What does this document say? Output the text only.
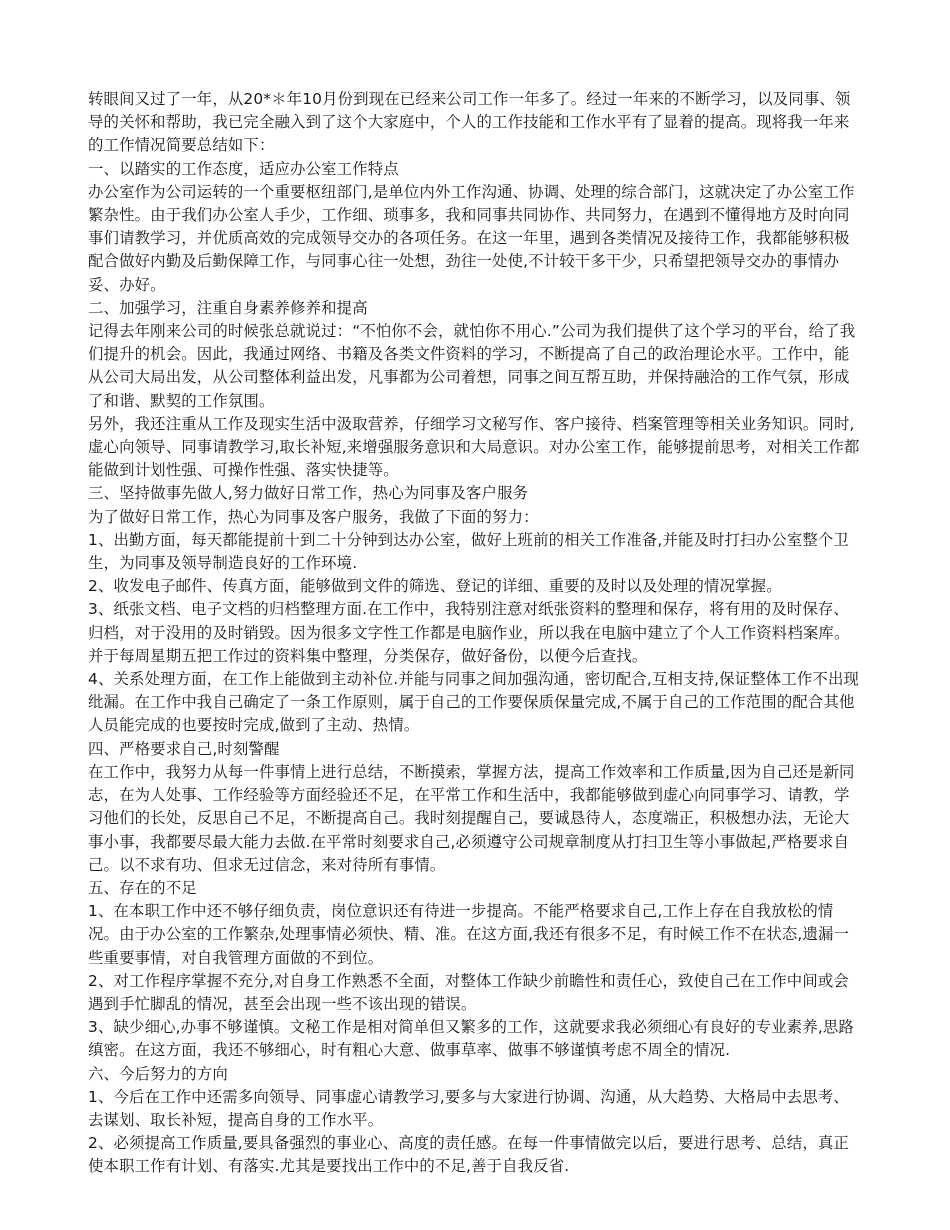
转眼间又过了一年，从20*＊年10月份到现在已经来公司工作一年多了。经过一年来的不断学习，以及同事、领导的关怀和帮助，我已完全融入到了这个大家庭中，个人的工作技能和工作水平有了显着的提高。现将我一年来的工作情况简要总结如下：

一、以踏实的工作态度，适应办公室工作特点

办公室作为公司运转的一个重要枢纽部门,是单位内外工作沟通、协调、处理的综合部门，这就决定了办公室工作繁杂性。由于我们办公室人手少，工作细、琐事多，我和同事共同协作、共同努力，在遇到不懂得地方及时向同事们请教学习，并优质高效的完成领导交办的各项任务。在这一年里，遇到各类情况及接待工作，我都能够积极配合做好内勤及后勤保障工作，与同事心往一处想，劲往一处使,不计较干多干少，只希望把领导交办的事情办妥、办好。

二、加强学习，注重自身素养修养和提高

记得去年刚来公司的时候张总就说过：“不怕你不会，就怕你不用心.”公司为我们提供了这个学习的平台，给了我们提升的机会。因此，我通过网络、书籍及各类文件资料的学习，不断提高了自己的政治理论水平。工作中，能从公司大局出发，从公司整体利益出发，凡事都为公司着想，同事之间互帮互助，并保持融洽的工作气氛，形成了和谐、默契的工作氛围。

另外，我还注重从工作及现实生活中汲取营养，仔细学习文秘写作、客户接待、档案管理等相关业务知识。同时,虚心向领导、同事请教学习,取长补短,来增强服务意识和大局意识。对办公室工作，能够提前思考，对相关工作都能做到计划性强、可操作性强、落实快捷等。

三、坚持做事先做人,努力做好日常工作，热心为同事及客户服务

为了做好日常工作，热心为同事及客户服务，我做了下面的努力：

1、出勤方面，每天都能提前十到二十分钟到达办公室，做好上班前的相关工作准备,并能及时打扫办公室整个卫生，为同事及领导制造良好的工作环境.

2、收发电子邮件、传真方面，能够做到文件的筛选、登记的详细、重要的及时以及处理的情况掌握。

3、纸张文档、电子文档的归档整理方面.在工作中，我特别注意对纸张资料的整理和保存，将有用的及时保存、归档，对于没用的及时销毁。因为很多文字性工作都是电脑作业，所以我在电脑中建立了个人工作资料档案库。并于每周星期五把工作过的资料集中整理，分类保存，做好备份，以便今后查找。

4、关系处理方面，在工作上能做到主动补位.并能与同事之间加强沟通，密切配合,互相支持,保证整体工作不出现纰漏。在工作中我自己确定了一条工作原则，属于自己的工作要保质保量完成,不属于自己的工作范围的配合其他人员能完成的也要按时完成,做到了主动、热情。

四、严格要求自己,时刻警醒

在工作中，我努力从每一件事情上进行总结，不断摸索，掌握方法，提高工作效率和工作质量,因为自己还是新同志，在为人处事、工作经验等方面经验还不足，在平常工作和生活中，我都能够做到虚心向同事学习、请教，学习他们的长处，反思自己不足，不断提高自己。我时刻提醒自己，要诚恳待人，态度端正，积极想办法，无论大事小事，我都要尽最大能力去做.在平常时刻要求自己,必须遵守公司规章制度从打扫卫生等小事做起,严格要求自己。以不求有功、但求无过信念，来对待所有事情。

五、存在的不足

1、在本职工作中还不够仔细负责，岗位意识还有待进一步提高。不能严格要求自己,工作上存在自我放松的情况。由于办公室的工作繁杂,处理事情必须快、精、准。在这方面,我还有很多不足，有时候工作不在状态,遗漏一些重要事情，对自我管理方面做的不到位。

2、对工作程序掌握不充分,对自身工作熟悉不全面，对整体工作缺少前瞻性和责任心，致使自己在工作中间或会遇到手忙脚乱的情况，甚至会出现一些不该出现的错误。

3、缺少细心,办事不够谨慎。文秘工作是相对简单但又繁多的工作，这就要求我必须细心有良好的专业素养,思路缜密。在这方面，我还不够细心，时有粗心大意、做事草率、做事不够谨慎考虑不周全的情况.

六、今后努力的方向

1、今后在工作中还需多向领导、同事虚心请教学习,要多与大家进行协调、沟通，从大趋势、大格局中去思考、去谋划、取长补短，提高自身的工作水平。

2、必须提高工作质量,要具备强烈的事业心、高度的责任感。在每一件事情做完以后，要进行思考、总结，真正使本职工作有计划、有落实.尤其是要找出工作中的不足,善于自我反省.
